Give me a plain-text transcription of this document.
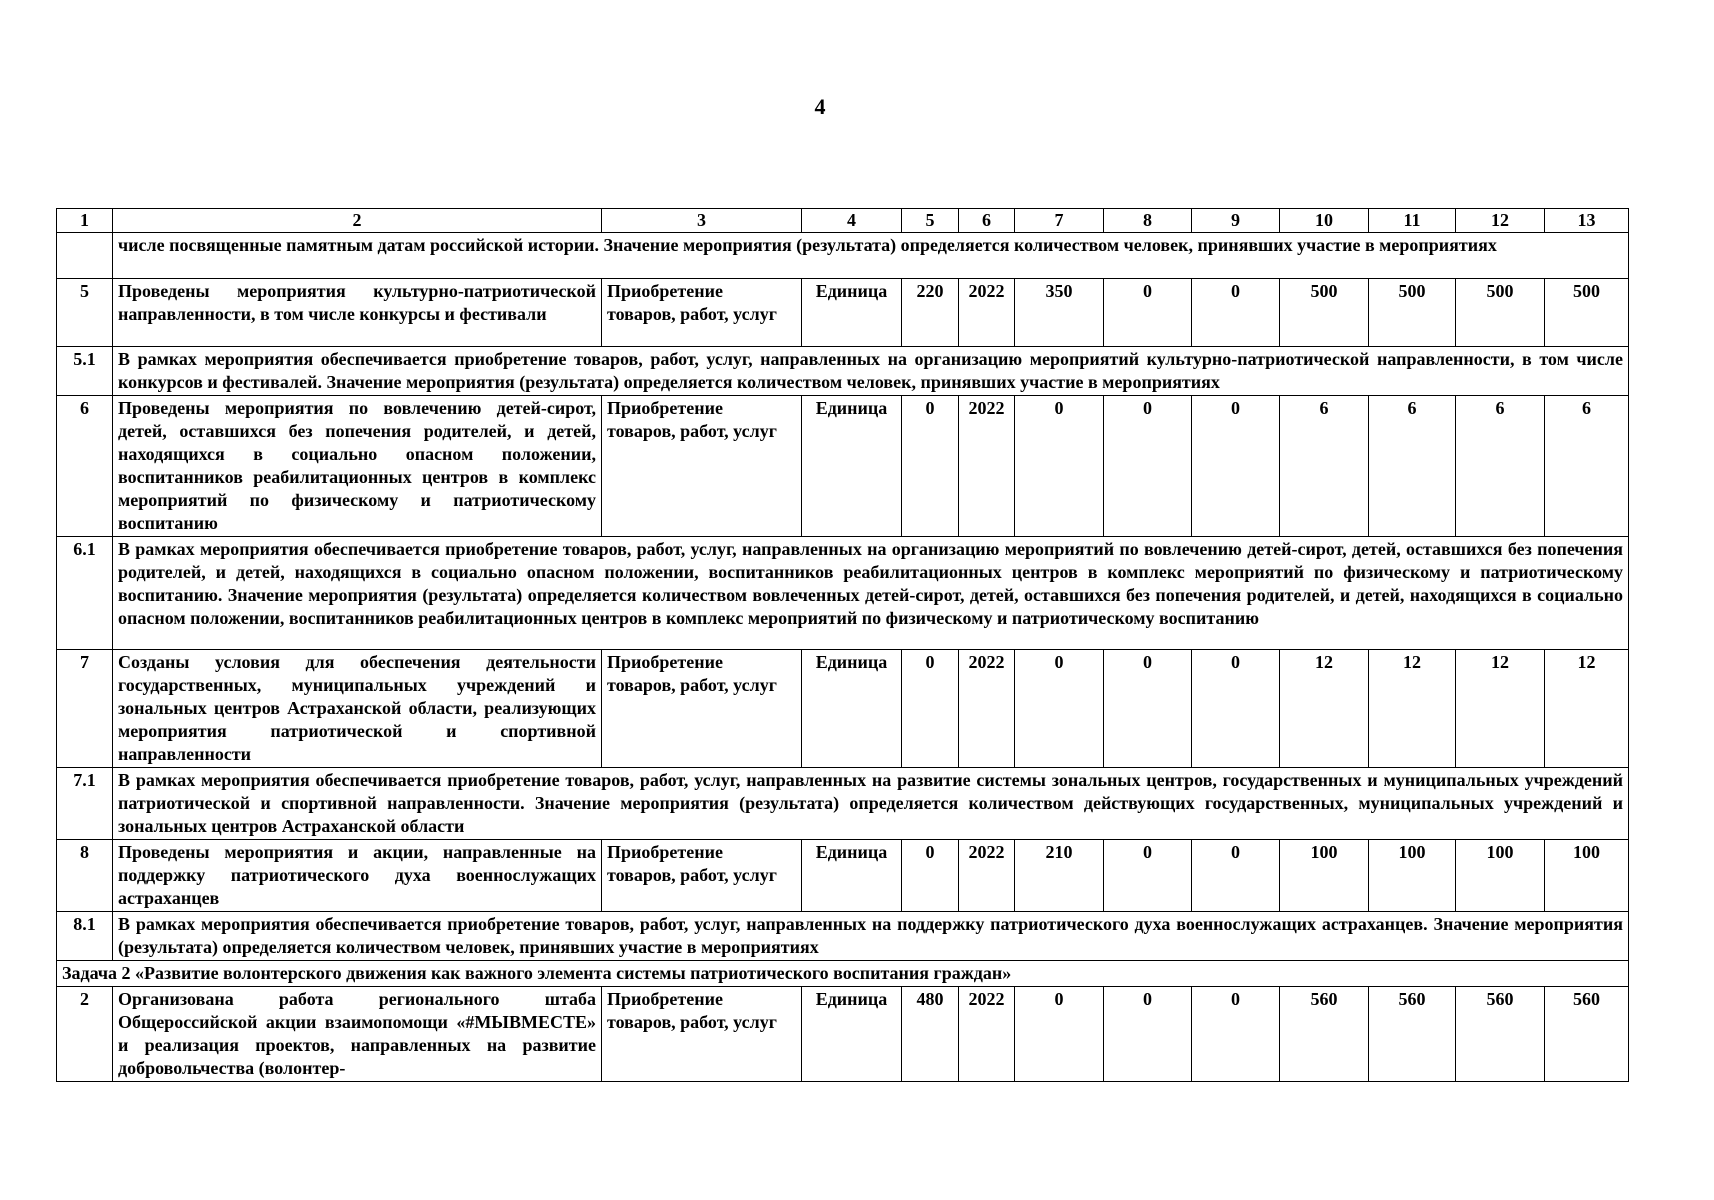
4
1	2	3	4	5	6	7	8	9	10	11	12	13
	числе посвященные памятным датам российской истории. Значение мероприятия (результата) определяется количеством человек, принявших участие в мероприятиях											
5	Проведены мероприятия культурно-патриотической направленности, в том числе конкурсы и фестивали	Приобретение товаров, работ, услуг	Единица	220	2022	350	0	0	500	500	500	500
5.1	В рамках мероприятия обеспечивается приобретение товаров, работ, услуг, направленных на организацию мероприятий культурно-патриотической направленности, в том числе конкурсов и фестивалей. Значение мероприятия (результата) определяется количеством человек, принявших участие в мероприятиях											
6	Проведены мероприятия по вовлечению детей-сирот, детей, оставшихся без попечения родителей, и детей, находящихся в социально опасном положении, воспитанников реабилитационных центров в комплекс мероприятий по физическому и патриотическому воспитанию	Приобретение товаров, работ, услуг	Единица	0	2022	0	0	0	6	6	6	6
6.1	В рамках мероприятия обеспечивается приобретение товаров, работ, услуг, направленных на организацию мероприятий по вовлечению детей-сирот, детей, оставшихся без попечения родителей, и детей, находящихся в социально опасном положении, воспитанников реабилитационных центров в комплекс мероприятий по физическому и патриотическому воспитанию. Значение мероприятия (результата) определяется количеством вовлеченных детей-сирот, детей, оставшихся без попечения родителей, и детей, находящихся в социально опасном положении, воспитанников реабилитационных центров в комплекс мероприятий по физическому и патриотическому воспитанию											
7	Созданы условия для обеспечения деятельности государственных, муниципальных учреждений и зональных центров Астраханской области, реализующих мероприятия патриотической и спортивной направленности	Приобретение товаров, работ, услуг	Единица	0	2022	0	0	0	12	12	12	12
7.1	В рамках мероприятия обеспечивается приобретение товаров, работ, услуг, направленных на развитие системы зональных центров, государственных и муниципальных учреждений патриотической и спортивной направленности. Значение мероприятия (результата) определяется количеством действующих государственных, муниципальных учреждений и зональных центров Астраханской области											
8	Проведены мероприятия и акции, направленные на поддержку патриотического духа военнослужащих астраханцев	Приобретение товаров, работ, услуг	Единица	0	2022	210	0	0	100	100	100	100
8.1	В рамках мероприятия обеспечивается приобретение товаров, работ, услуг, направленных на поддержку патриотического духа военнослужащих астраханцев. Значение мероприятия (результата) определяется количеством человек, принявших участие в мероприятиях											
Задача 2 «Развитие волонтерского движения как важного элемента системы патриотического воспитания граждан»												
2	Организована работа регионального штаба Общероссийской акции взаимопомощи «#МЫВМЕСТЕ» и реализация проектов, направленных на развитие добровольчества (волонтер-	Приобретение товаров, работ, услуг	Единица	480	2022	0	0	0	560	560	560	560
